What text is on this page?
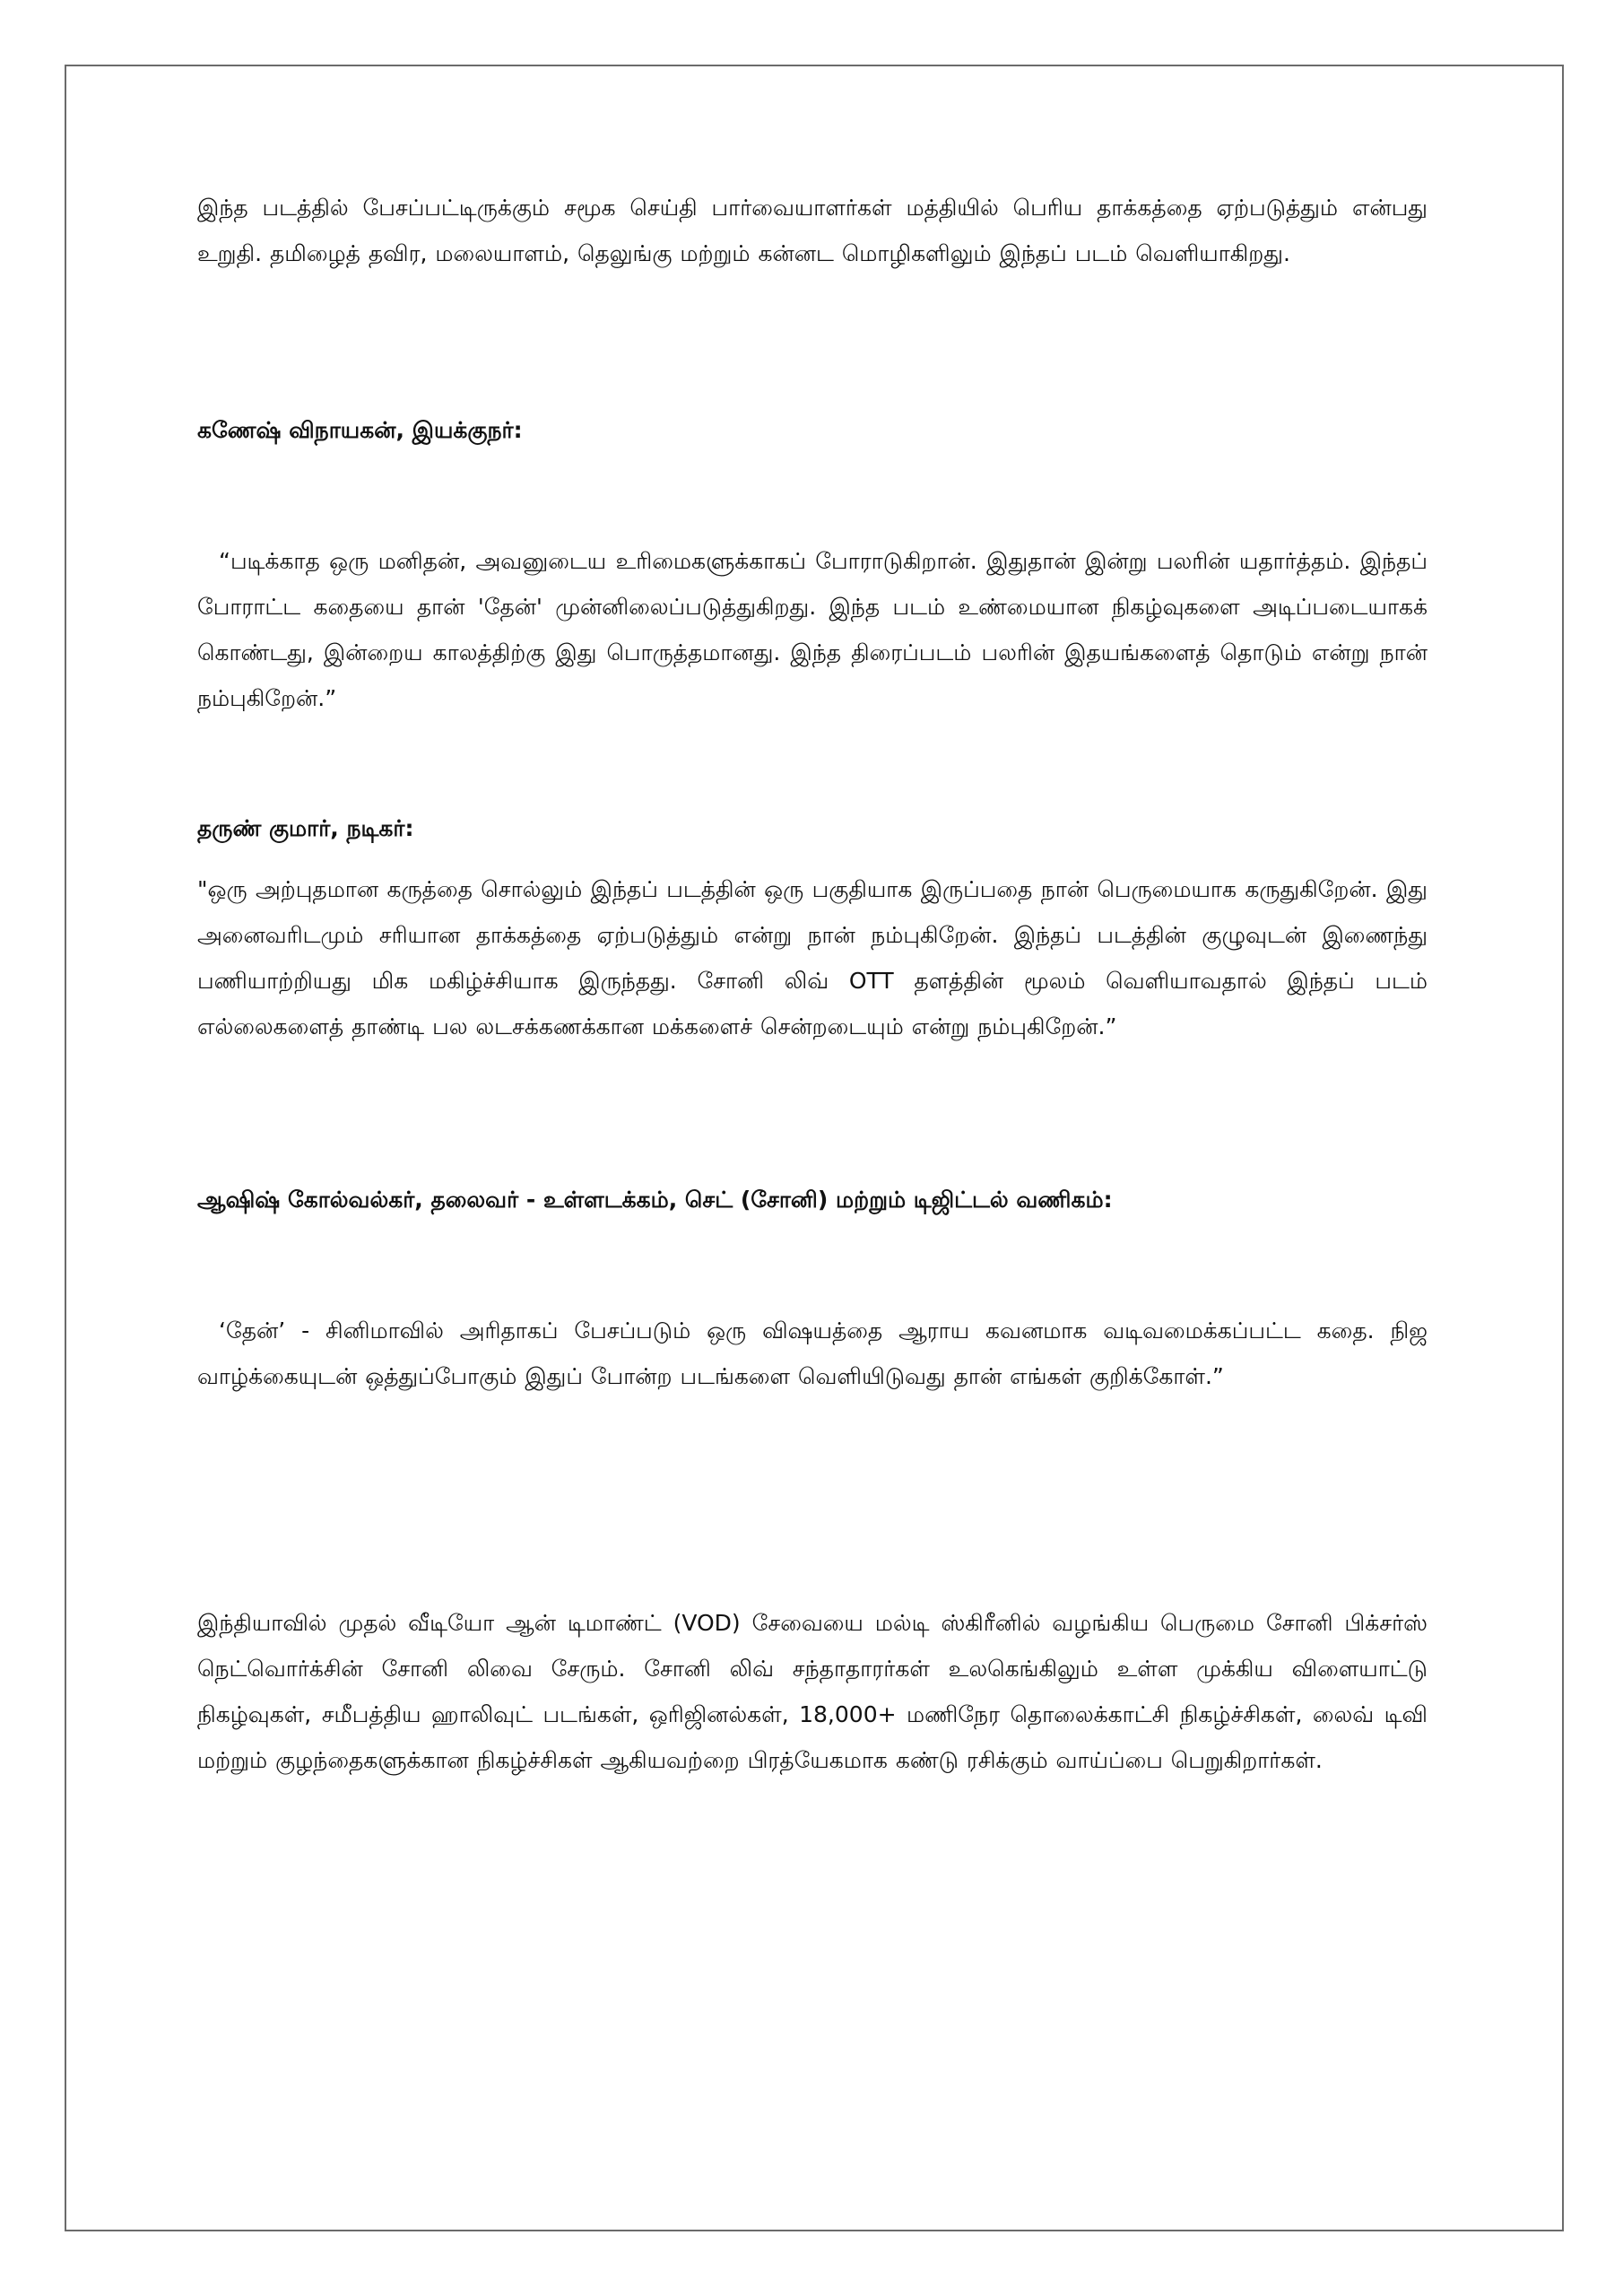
இந்த படத்தில் பேசப்பட்டிருக்கும் சமூக செய்தி பார்வையாளர்கள் மத்தியில் பெரிய தாக்கத்தை ஏற்படுத்தும் என்பது உறுதி. தமிழைத் தவிர, மலையாளம், தெலுங்கு மற்றும் கன்னட மொழிகளிலும் இந்தப் படம் வெளியாகிறது.

கணேஷ் விநாயகன், இயக்குநர்:

“படிக்காத ஒரு மனிதன், அவனுடைய உரிமைகளுக்காகப் போராடுகிறான். இதுதான் இன்று பலரின் யதார்த்தம். இந்தப் போராட்ட கதையை தான் 'தேன்' முன்னிலைப்படுத்துகிறது. இந்த படம் உண்மையான நிகழ்வுகளை அடிப்படையாகக் கொண்டது, இன்றைய காலத்திற்கு இது பொருத்தமானது. இந்த திரைப்படம் பலரின் இதயங்களைத் தொடும் என்று நான் நம்புகிறேன்.”

தருண் குமார், நடிகர்:

"ஒரு அற்புதமான கருத்தை சொல்லும் இந்தப் படத்தின் ஒரு பகுதியாக இருப்பதை நான் பெருமையாக கருதுகிறேன். இது அனைவரிடமும் சரியான தாக்கத்தை ஏற்படுத்தும் என்று நான் நம்புகிறேன். இந்தப் படத்தின் குழுவுடன் இணைந்து பணியாற்றியது மிக மகிழ்ச்சியாக இருந்தது. சோனி லிவ் OTT தளத்தின் மூலம் வெளியாவதால் இந்தப் படம் எல்லைகளைத் தாண்டி பல லடசக்கணக்கான மக்களைச் சென்றடையும் என்று நம்புகிறேன்.”

ஆஷிஷ் கோல்வல்கர், தலைவர் - உள்ளடக்கம், செட் (சோனி) மற்றும் டிஜிட்டல் வணிகம்:

‘தேன்’ - சினிமாவில் அரிதாகப் பேசப்படும் ஒரு விஷயத்தை ஆராய கவனமாக வடிவமைக்கப்பட்ட கதை. நிஜ வாழ்க்கையுடன் ஒத்துப்போகும் இதுப் போன்ற படங்களை வெளியிடுவது தான் எங்கள் குறிக்கோள்.”

இந்தியாவில் முதல் வீடியோ ஆன் டிமாண்ட் (VOD) சேவையை மல்டி ஸ்கிரீனில் வழங்கிய பெருமை சோனி பிக்சர்ஸ் நெட்வொர்க்சின் சோனி லிவை சேரும். சோனி லிவ் சந்தாதாரர்கள் உலகெங்கிலும் உள்ள முக்கிய விளையாட்டு நிகழ்வுகள், சமீபத்திய ஹாலிவுட் படங்கள், ஒரிஜினல்கள், 18,000+ மணிநேர தொலைக்காட்சி நிகழ்ச்சிகள், லைவ் டிவி மற்றும் குழந்தைகளுக்கான நிகழ்ச்சிகள் ஆகியவற்றை பிரத்யேகமாக கண்டு ரசிக்கும் வாய்ப்பை பெறுகிறார்கள்.
